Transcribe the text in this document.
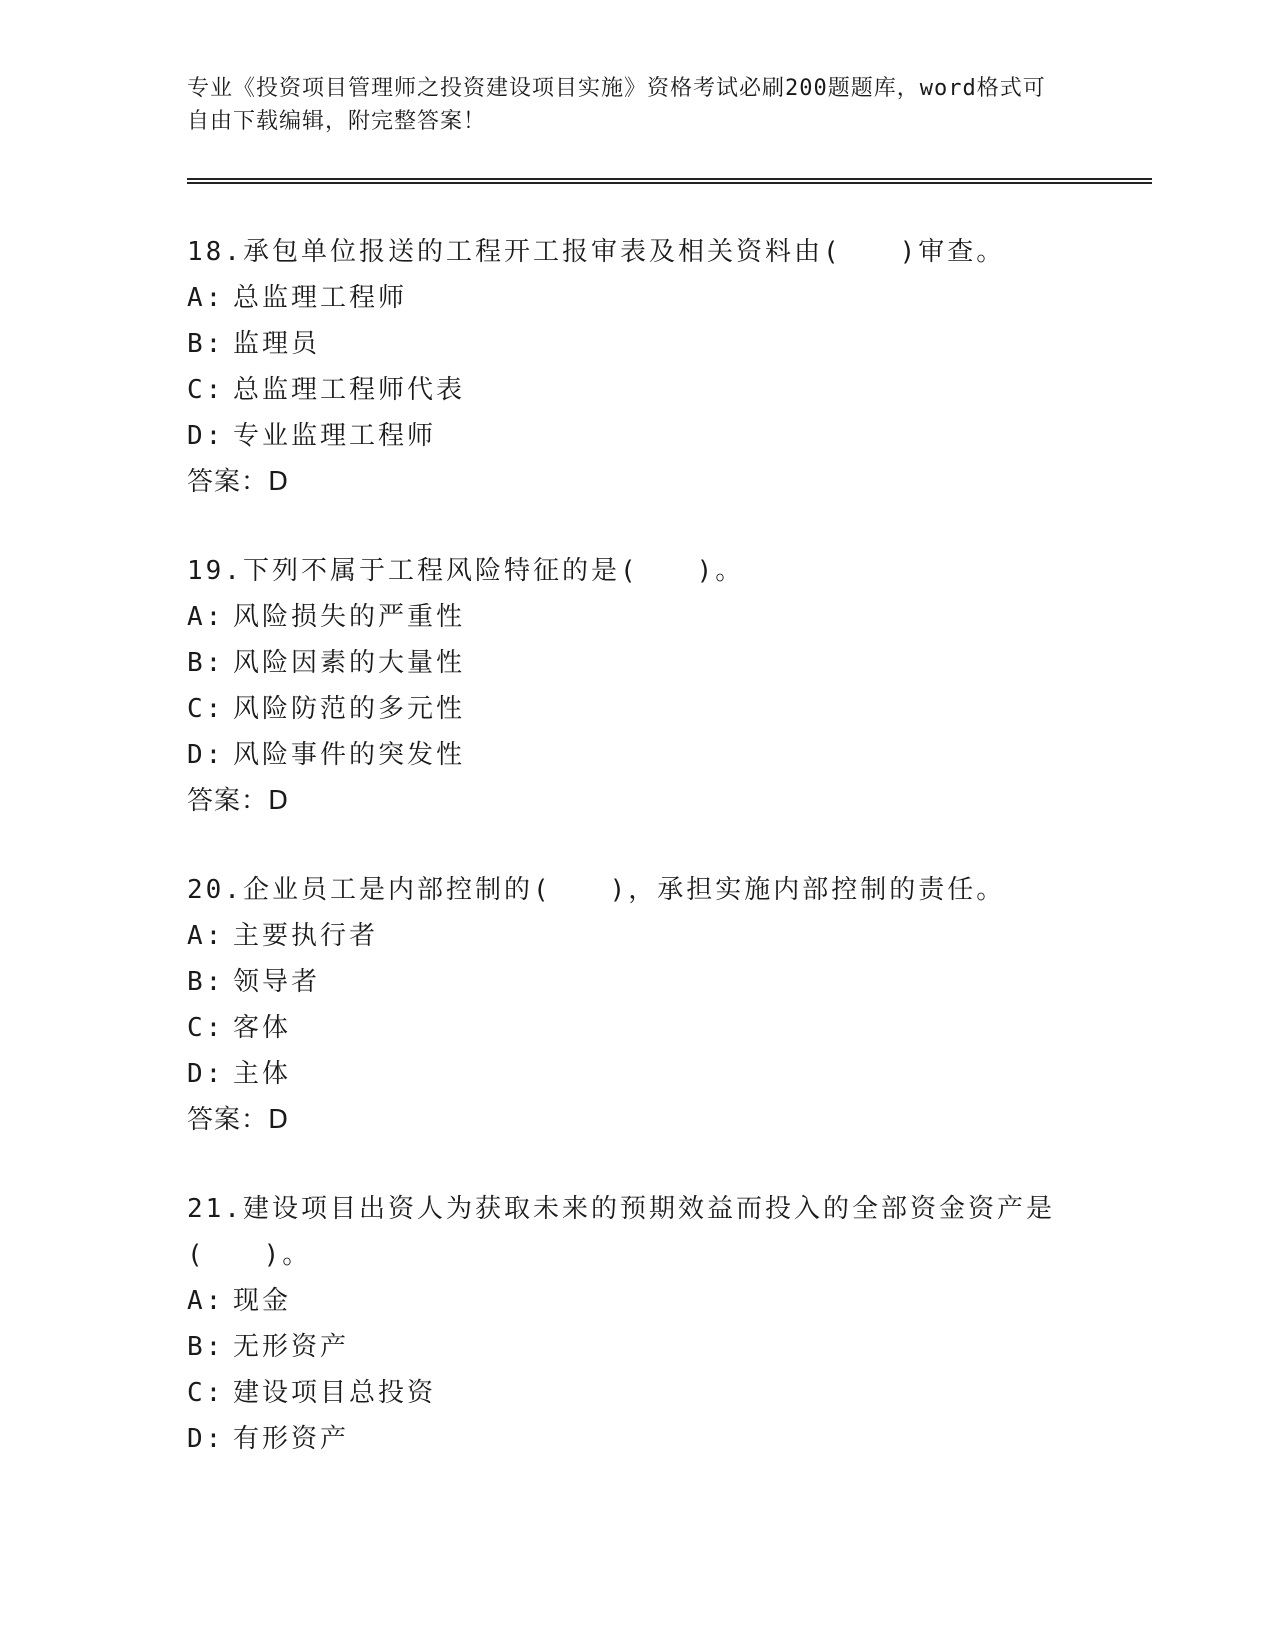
专业《投资项目管理师之投资建设项目实施》资格考试必刷200题题库，word格式可自由下载编辑，附完整答案！
18.承包单位报送的工程开工报审表及相关资料由(　　)审查。
A: 总监理工程师
B: 监理员
C: 总监理工程师代表
D: 专业监理工程师
答案：D
19.下列不属于工程风险特征的是(　　)。
A: 风险损失的严重性
B: 风险因素的大量性
C: 风险防范的多元性
D: 风险事件的突发性
答案：D
20.企业员工是内部控制的(　　)，承担实施内部控制的责任。
A: 主要执行者
B: 领导者
C: 客体
D: 主体
答案：D
21.建设项目出资人为获取未来的预期效益而投入的全部资金资产是(　　)。
A: 现金
B: 无形资产
C: 建设项目总投资
D: 有形资产
